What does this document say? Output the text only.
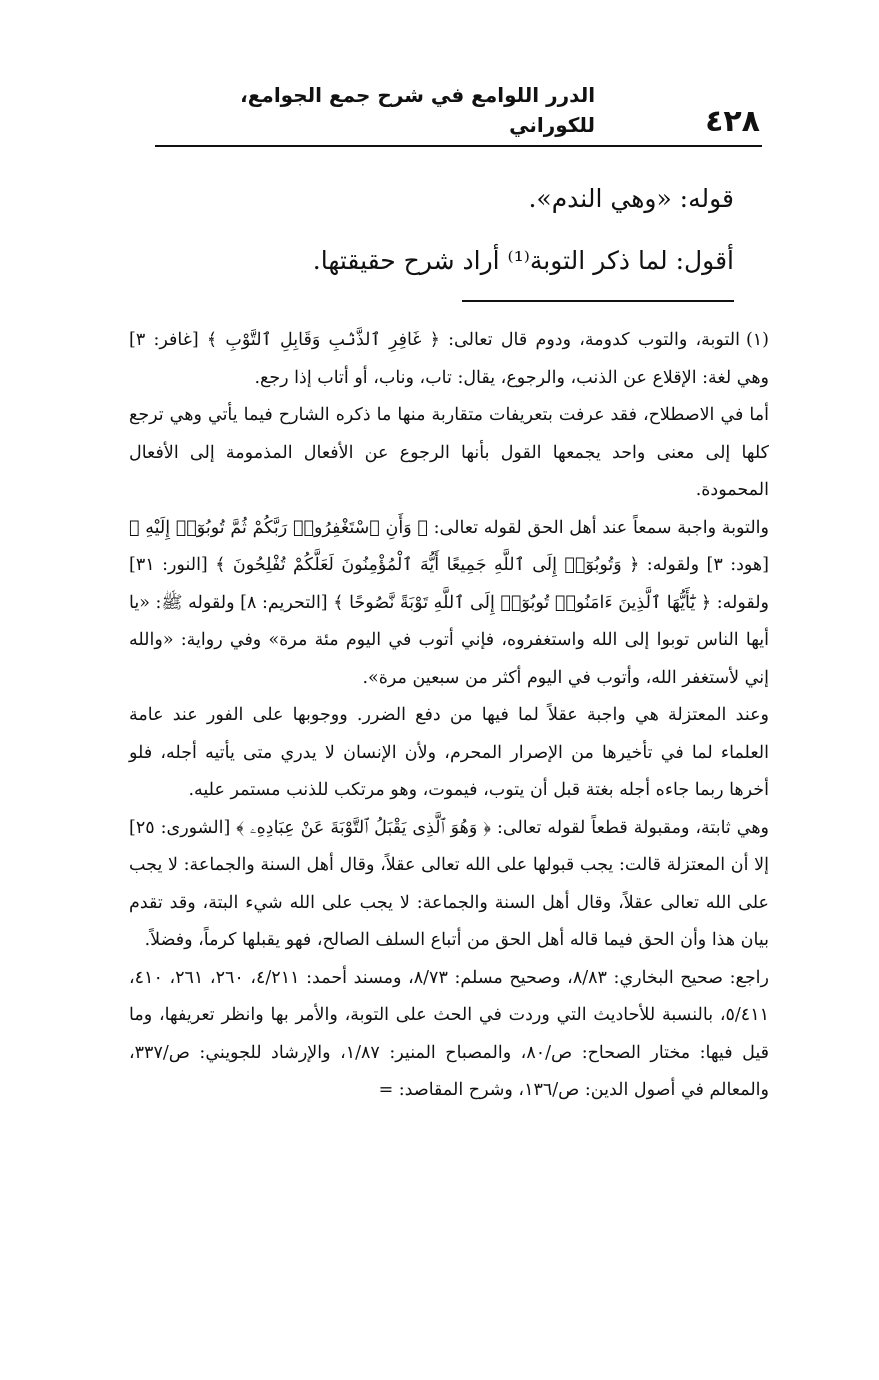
٤٢٨
الدرر اللوامع في شرح جمع الجوامع، للكوراني

قوله: «وهي الندم».

أقول: لما ذكر التوبة⁽¹⁾ أراد شرح حقيقتها.

(١)التوبة، والتوب كدومة، ودوم قال تعالى: ﴿ غَافِرِ ٱلذَّنۢبِ وَقَابِلِ ٱلتَّوْبِ ﴾ [غافر: ٣] وهي لغة: الإقلاع عن الذنب، والرجوع، يقال: تاب، وناب، أو أتاب إذا رجع.

أما في الاصطلاح، فقد عرفت بتعريفات متقاربة منها ما ذكره الشارح فيما يأتي وهي ترجع كلها إلى معنى واحد يجمعها القول بأنها الرجوع عن الأفعال المذمومة إلى الأفعال المحمودة.

والتوبة واجبة سمعاً عند أهل الحق لقوله تعالى: ﴿ وَأَنِ ٱسْتَغْفِرُوا۟ رَبَّكُمْ ثُمَّ تُوبُوٓا۟ إِلَيْهِ ﴾ [هود: ٣] ولقوله: ﴿ وَتُوبُوٓا۟ إِلَى ٱللَّهِ جَمِيعًا أَيُّهَ ٱلْمُؤْمِنُونَ لَعَلَّكُمْ تُفْلِحُونَ ﴾ [النور: ٣١] ولقوله: ﴿ يَٰٓأَيُّهَا ٱلَّذِينَ ءَامَنُوا۟ تُوبُوٓا۟ إِلَى ٱللَّهِ تَوْبَةً نَّصُوحًا ﴾ [التحريم: ٨] ولقوله ﷺ: «يا أيها الناس توبوا إلى الله واستغفروه، فإني أتوب في اليوم مئة مرة» وفي رواية: «والله إني لأستغفر الله، وأتوب في اليوم أكثر من سبعين مرة».

وعند المعتزلة هي واجبة عقلاً لما فيها من دفع الضرر. ووجوبها على الفور عند عامة العلماء لما في تأخيرها من الإصرار المحرم، ولأن الإنسان لا يدري متى يأتيه أجله، فلو أخرها ربما جاءه أجله بغتة قبل أن يتوب، فيموت، وهو مرتكب للذنب مستمر عليه.

وهي ثابتة، ومقبولة قطعاً لقوله تعالى: ﴿ وَهُوَ ٱلَّذِى يَقْبَلُ ٱلتَّوْبَةَ عَنْ عِبَادِهِۦ ﴾ [الشورى: ٢٥] إلا أن المعتزلة قالت: يجب قبولها على الله تعالى عقلاً، وقال أهل السنة والجماعة: لا يجب على الله تعالى عقلاً، وقال أهل السنة والجماعة: لا يجب على الله شيء البتة، وقد تقدم بيان هذا وأن الحق فيما قاله أهل الحق من أتباع السلف الصالح، فهو يقبلها كرماً، وفضلاً.

راجع: صحيح البخاري: ٨/٨٣، وصحيح مسلم: ٨/٧٣، ومسند أحمد: ٤/٢١١، ٢٦٠، ٢٦١، ٤١٠، ٥/٤١١، بالنسبة للأحاديث التي وردت في الحث على التوبة، والأمر بها وانظر تعريفها، وما قيل فيها: مختار الصحاح: ص/٨٠، والمصباح المنير: ١/٨٧، والإرشاد للجويني: ص/٣٣٧، والمعالم في أصول الدين: ص/١٣٦، وشرح المقاصد: =
